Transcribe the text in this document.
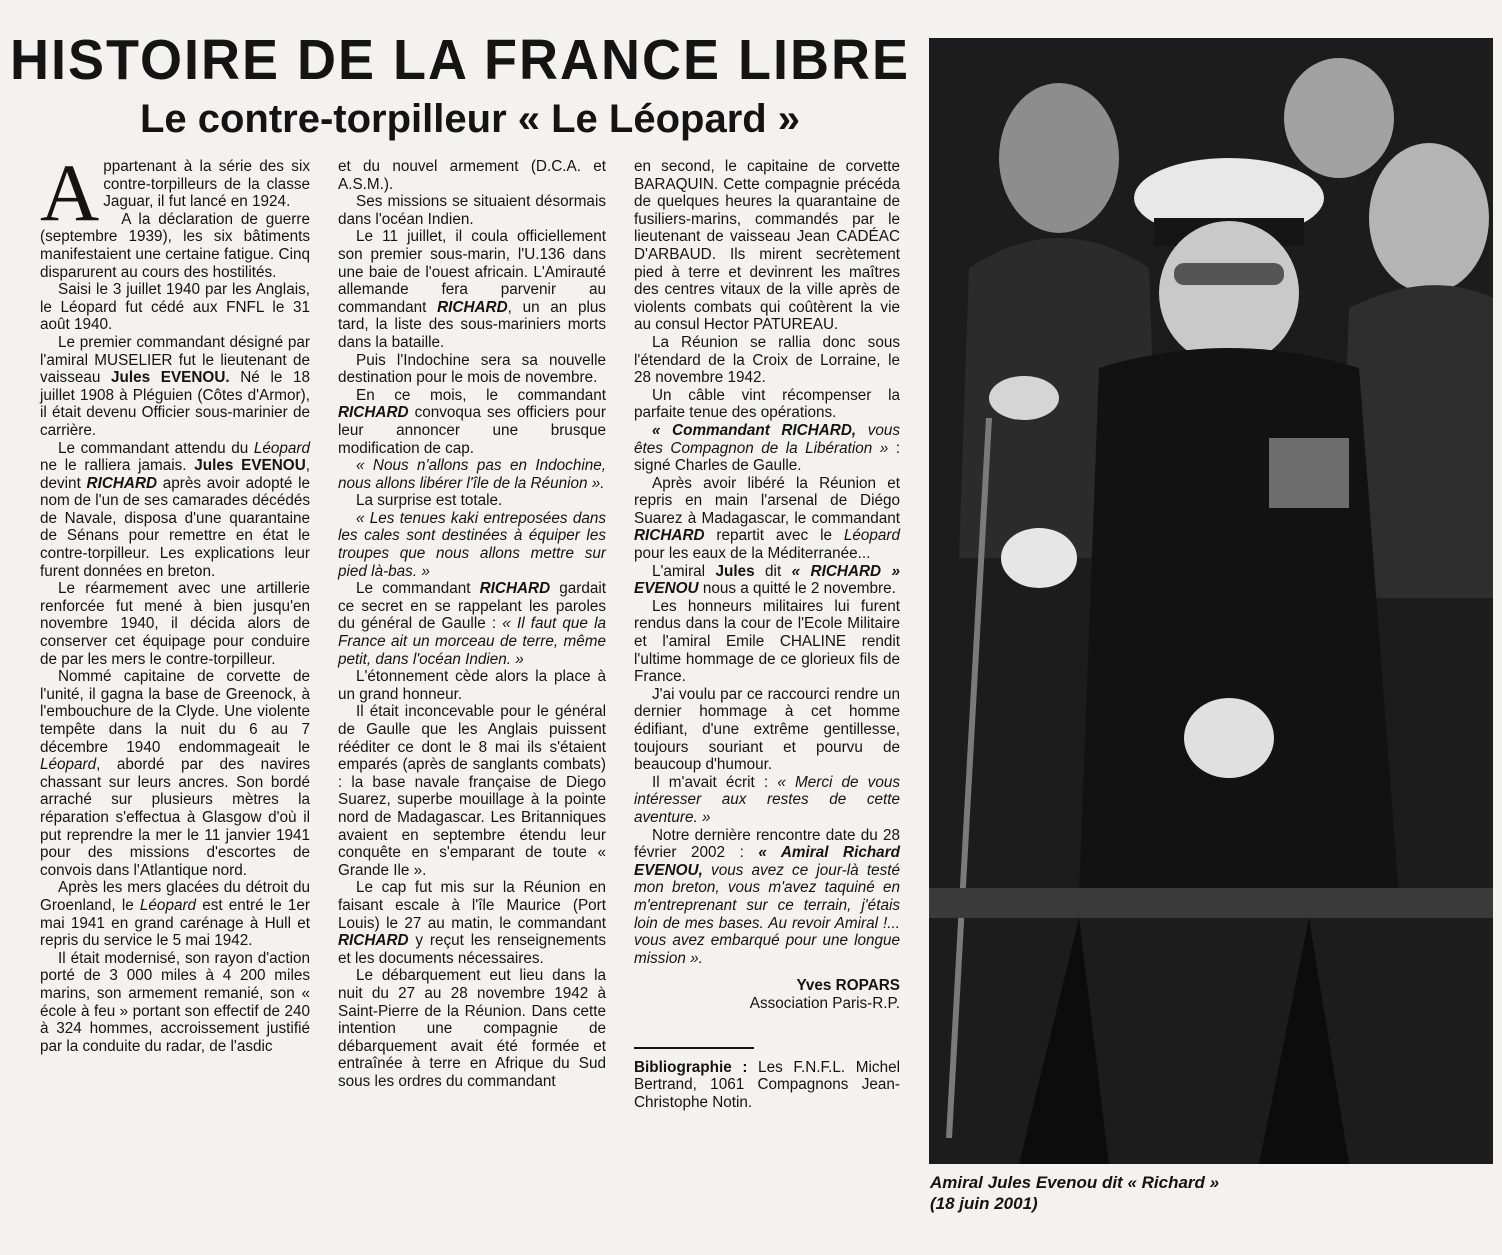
HISTOIRE DE LA FRANCE LIBRE
Le contre-torpilleur « Le Léopard »

Appartenant à la série des six contre-torpilleurs de la classe Jaguar, il fut lancé en 1924.

A la déclaration de guerre (septembre 1939), les six bâtiments manifestaient une certaine fatigue. Cinq disparurent au cours des hostilités.

Saisi le 3 juillet 1940 par les Anglais, le Léopard fut cédé aux FNFL le 31 août 1940.

Le premier commandant désigné par l'amiral MUSELIER fut le lieutenant de vaisseau Jules EVENOU. Né le 18 juillet 1908 à Pléguien (Côtes d'Armor), il était devenu Officier sous-marinier de carrière.

Le commandant attendu du Léopard ne le ralliera jamais. Jules EVENOU, devint RICHARD après avoir adopté le nom de l'un de ses camarades décédés de Navale, disposa d'une quarantaine de Sénans pour remettre en état le contre-torpilleur. Les explications leur furent données en breton.

Le réarmement avec une artillerie renforcée fut mené à bien jusqu'en novembre 1940, il décida alors de conserver cet équipage pour conduire de par les mers le contre-torpilleur.

Nommé capitaine de corvette de l'unité, il gagna la base de Greenock, à l'embouchure de la Clyde. Une violente tempête dans la nuit du 6 au 7 décembre 1940 endommageait le Léopard, abordé par des navires chassant sur leurs ancres. Son bordé arraché sur plusieurs mètres la réparation s'effectua à Glasgow d'où il put reprendre la mer le 11 janvier 1941 pour des missions d'escortes de convois dans l'Atlantique nord.

Après les mers glacées du détroit du Groenland, le Léopard est entré le 1er mai 1941 en grand carénage à Hull et repris du service le 5 mai 1942.

Il était modernisé, son rayon d'action porté de 3 000 miles à 4 200 miles marins, son armement remanié, son « école à feu » portant son effectif de 240 à 324 hommes, accroissement justifié par la conduite du radar, de l'asdic

et du nouvel armement (D.C.A. et A.S.M.).

Ses missions se situaient désormais dans l'océan Indien.

Le 11 juillet, il coula officiellement son premier sous-marin, l'U.136 dans une baie de l'ouest africain. L'Amirauté allemande fera parvenir au commandant RICHARD, un an plus tard, la liste des sous-mariniers morts dans la bataille.

Puis l'Indochine sera sa nouvelle destination pour le mois de novembre.

En ce mois, le commandant RICHARD convoqua ses officiers pour leur annoncer une brusque modification de cap.

« Nous n'allons pas en Indochine, nous allons libérer l'île de la Réunion ».

La surprise est totale.

« Les tenues kaki entreposées dans les cales sont destinées à équiper les troupes que nous allons mettre sur pied là-bas. »

Le commandant RICHARD gardait ce secret en se rappelant les paroles du général de Gaulle : « Il faut que la France ait un morceau de terre, même petit, dans l'océan Indien. »

L'étonnement cède alors la place à un grand honneur.

Il était inconcevable pour le général de Gaulle que les Anglais puissent rééditer ce dont le 8 mai ils s'étaient emparés (après de sanglants combats) : la base navale française de Diego Suarez, superbe mouillage à la pointe nord de Madagascar. Les Britanniques avaient en septembre étendu leur conquête en s'emparant de toute « Grande Ile ».

Le cap fut mis sur la Réunion en faisant escale à l'île Maurice (Port Louis) le 27 au matin, le commandant RICHARD y reçut les renseignements et les documents nécessaires.

Le débarquement eut lieu dans la nuit du 27 au 28 novembre 1942 à Saint-Pierre de la Réunion. Dans cette intention une compagnie de débarquement avait été formée et entraînée à terre en Afrique du Sud sous les ordres du commandant

en second, le capitaine de corvette BARAQUIN. Cette compagnie précéda de quelques heures la quarantaine de fusiliers-marins, commandés par le lieutenant de vaisseau Jean CADÉAC D'ARBAUD. Ils mirent secrètement pied à terre et devinrent les maîtres des centres vitaux de la ville après de violents combats qui coûtèrent la vie au consul Hector PATUREAU.

La Réunion se rallia donc sous l'étendard de la Croix de Lorraine, le 28 novembre 1942.

Un câble vint récompenser la parfaite tenue des opérations.

« Commandant RICHARD, vous êtes Compagnon de la Libération » : signé Charles de Gaulle.

Après avoir libéré la Réunion et repris en main l'arsenal de Diégo Suarez à Madagascar, le commandant RICHARD repartit avec le Léopard pour les eaux de la Méditerranée...

L'amiral Jules dit « RICHARD » EVENOU nous a quitté le 2 novembre.

Les honneurs militaires lui furent rendus dans la cour de l'Ecole Militaire et l'amiral Emile CHALINE rendit l'ultime hommage de ce glorieux fils de France.

J'ai voulu par ce raccourci rendre un dernier hommage à cet homme édifiant, d'une extrême gentillesse, toujours souriant et pourvu de beaucoup d'humour.

Il m'avait écrit : « Merci de vous intéresser aux restes de cette aventure. »

Notre dernière rencontre date du 28 février 2002 : « Amiral Richard EVENOU, vous avez ce jour-là testé mon breton, vous m'avez taquiné en m'entreprenant sur ce terrain, j'étais loin de mes bases. Au revoir Amiral !... vous avez embarqué pour une longue mission ».

Yves ROPARS
Association Paris-R.P.

Bibliographie : Les F.N.F.L. Michel Bertrand, 1061 Compagnons Jean-Christophe Notin.

Amiral Jules Evenou dit « Richard »
(18 juin 2001)
